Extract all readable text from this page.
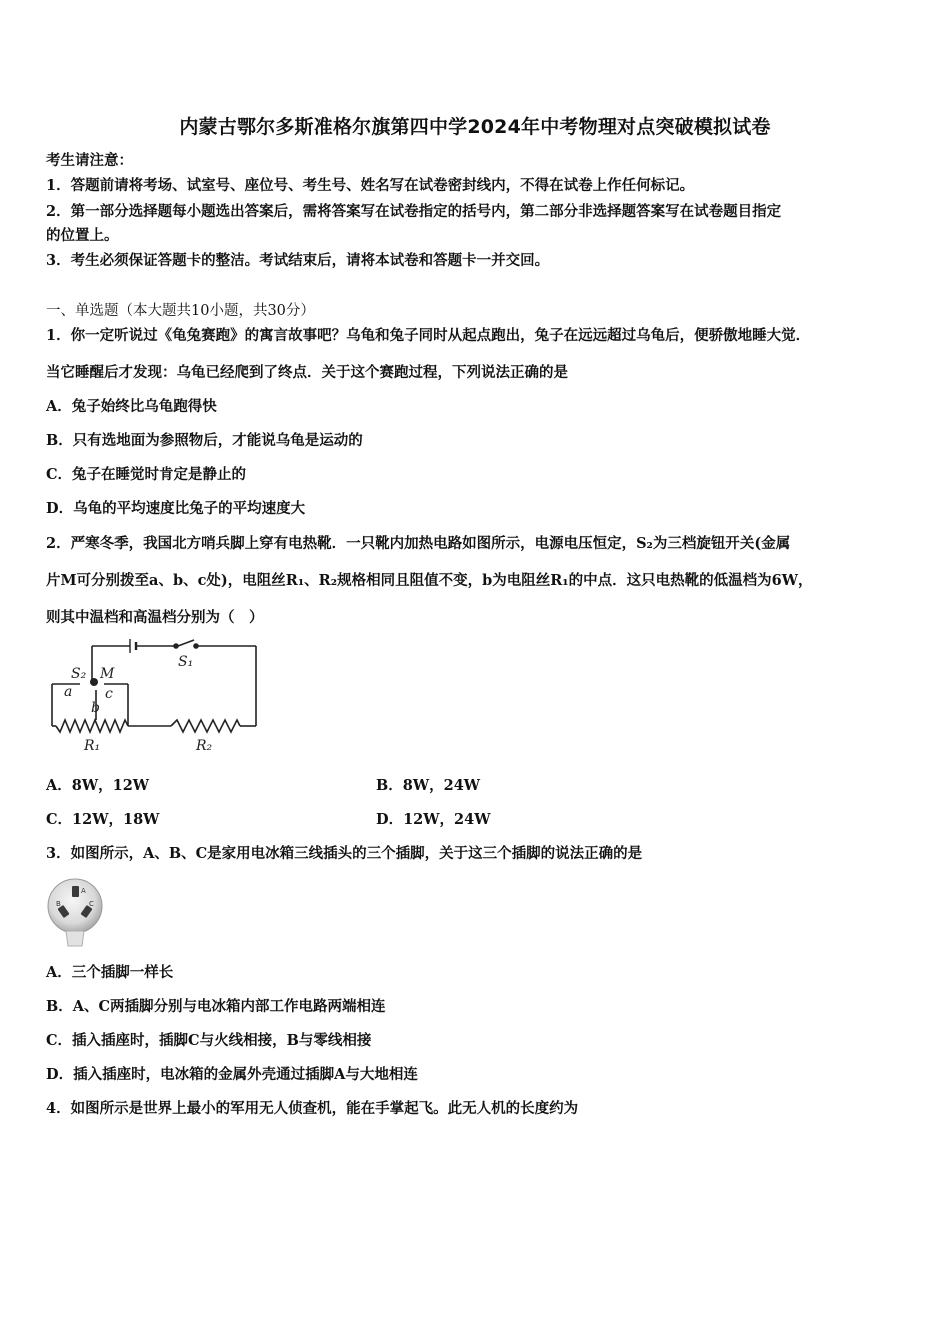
内蒙古鄂尔多斯准格尔旗第四中学2024年中考物理对点突破模拟试卷
考生请注意：
1．答题前请将考场、试室号、座位号、考生号、姓名写在试卷密封线内，不得在试卷上作任何标记。
2．第一部分选择题每小题选出答案后，需将答案写在试卷指定的括号内，第二部分非选择题答案写在试卷题目指定
的位置上。
3．考生必须保证答题卡的整洁。考试结束后，请将本试卷和答题卡一并交回。
一、单选题（本大题共10小题，共30分）
1．你一定听说过《龟兔赛跑》的寓言故事吧？乌龟和兔子同时从起点跑出，兔子在远远超过乌龟后，便骄傲地睡大觉．
当它睡醒后才发现：乌龟已经爬到了终点．关于这个赛跑过程，下列说法正确的是
A．兔子始终比乌龟跑得快
B．只有选地面为参照物后，才能说乌龟是运动的
C．兔子在睡觉时肯定是静止的
D．乌龟的平均速度比兔子的平均速度大
2．严寒冬季，我国北方哨兵脚上穿有电热靴．一只靴内加热电路如图所示，电源电压恒定，S₂为三档旋钮开关(金属
片M可分别拨至a、b、c处)，电阻丝R₁、R₂规格相同且阻值不变，b为电阻丝R₁的中点．这只电热靴的低温档为6W，
则其中温档和高温档分别为（　）
S₂ M
S₁
a c
b
R₁	R₂
A．8W，12W	B．8W，24W
C．12W，18W	D．12W，24W
3．如图所示，A、B、C是家用电冰箱三线插头的三个插脚，关于这三个插脚的说法正确的是
A
B	C
A．三个插脚一样长
B．A、C两插脚分别与电冰箱内部工作电路两端相连
C．插入插座时，插脚C与火线相接，B与零线相接
D．插入插座时，电冰箱的金属外壳通过插脚A与大地相连
4．如图所示是世界上最小的军用无人侦查机，能在手掌起飞。此无人机的长度约为
